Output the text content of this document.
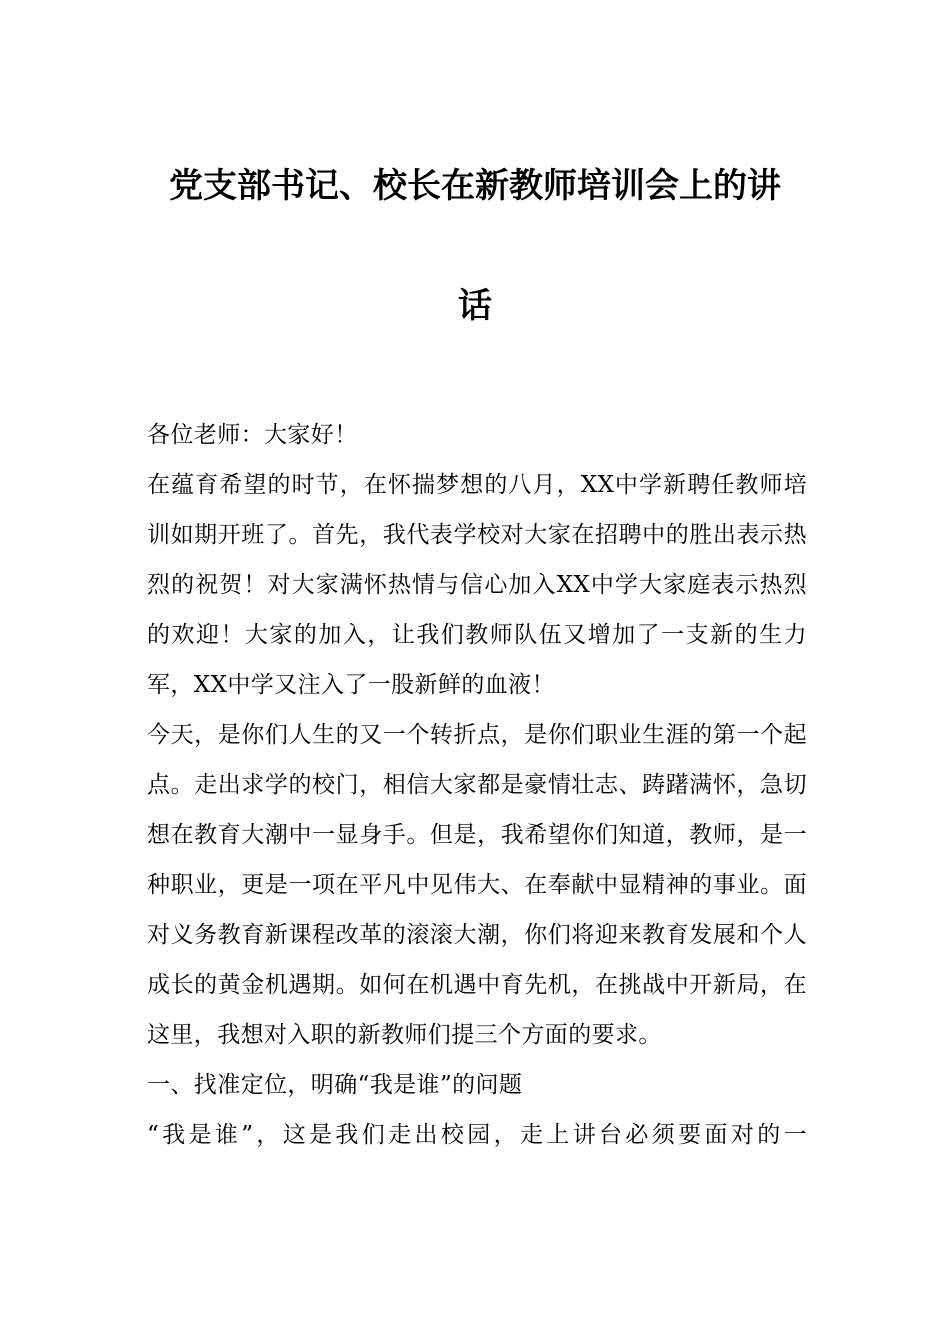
党支部书记、校长在新教师培训会上的讲
话

各位老师：大家好！

在蕴育希望的时节，在怀揣梦想的八月，XX中学新聘任教师培训如期开班了。首先，我代表学校对大家在招聘中的胜出表示热烈的祝贺！对大家满怀热情与信心加入XX中学大家庭表示热烈的欢迎！大家的加入，让我们教师队伍又增加了一支新的生力军，XX中学又注入了一股新鲜的血液！

今天，是你们人生的又一个转折点，是你们职业生涯的第一个起点。走出求学的校门，相信大家都是豪情壮志、踌躇满怀，急切想在教育大潮中一显身手。但是，我希望你们知道，教师，是一种职业，更是一项在平凡中见伟大、在奉献中显精神的事业。面对义务教育新课程改革的滚滚大潮，你们将迎来教育发展和个人成长的黄金机遇期。如何在机遇中育先机，在挑战中开新局，在这里，我想对入职的新教师们提三个方面的要求。

一、找准定位，明确“我是谁”的问题

“我是谁”，这是我们走出校园，走上讲台必须要面对的一
